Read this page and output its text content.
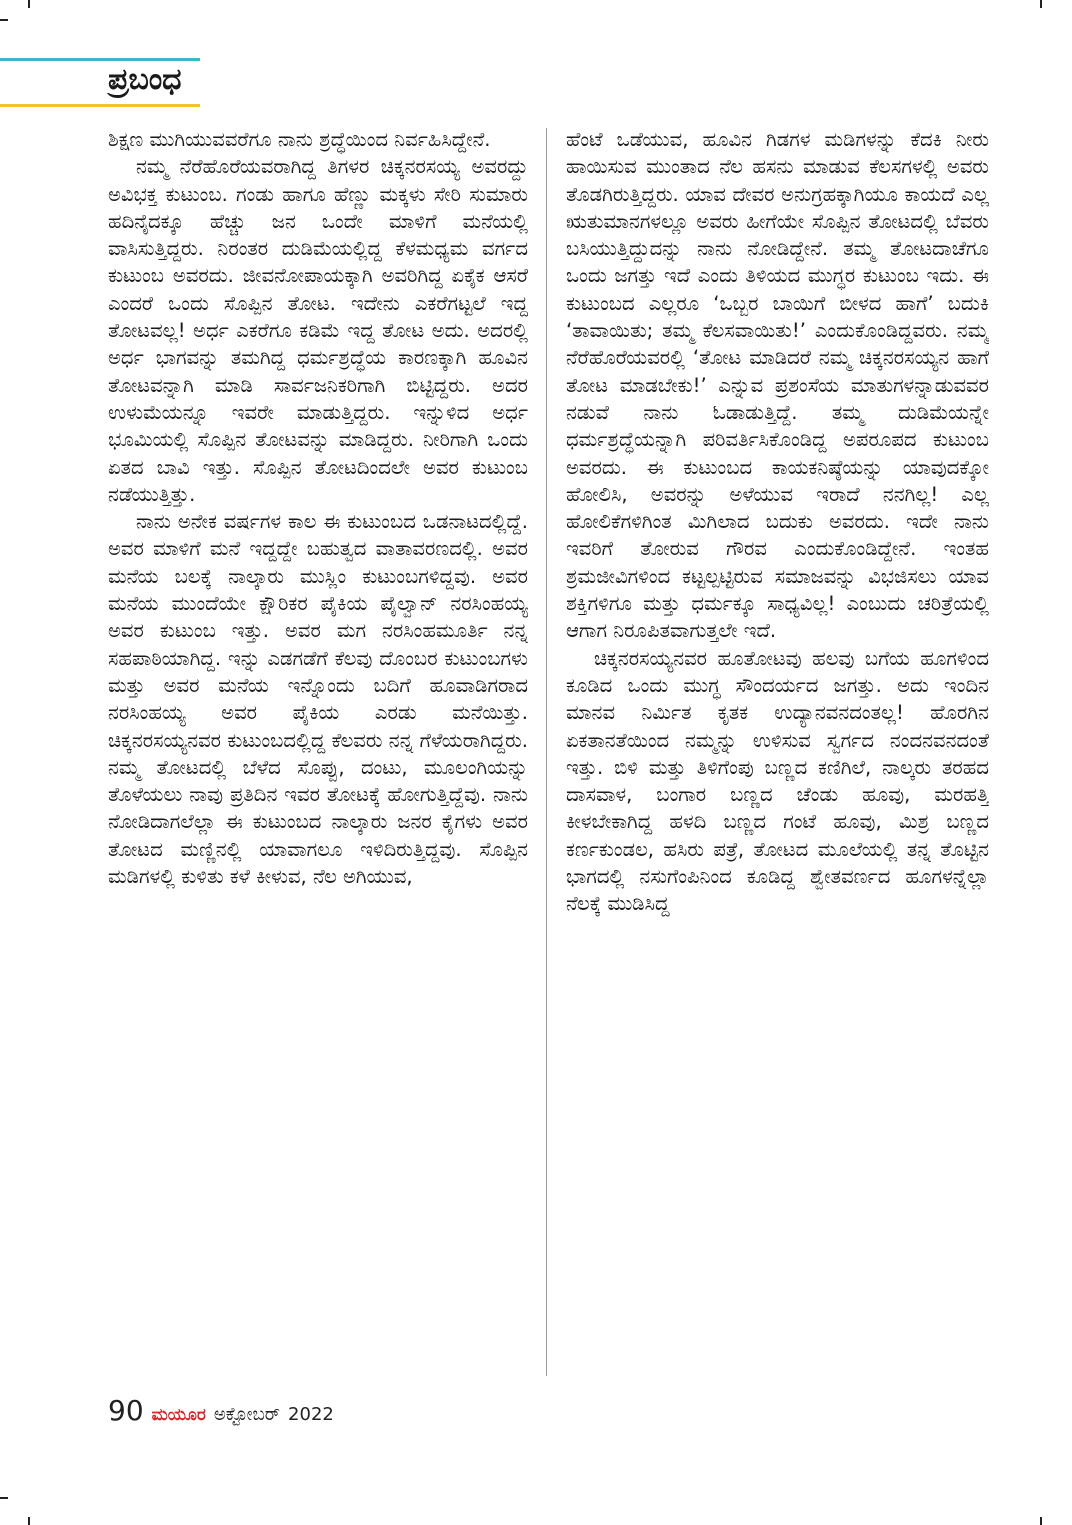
ಪ್ರಬಂಧ

ಶಿಕ್ಷಣ ಮುಗಿಯುವವರೆಗೂ ನಾನು ಶ್ರದ್ಧೆಯಿಂದ ನಿರ್ವಹಿಸಿದ್ದೇನೆ.

ನಮ್ಮ ನೆರೆಹೊರೆಯವರಾಗಿದ್ದ ತಿಗಳರ ಚಿಕ್ಕನರಸಯ್ಯ ಅವರದ್ದು ಅವಿಭಕ್ತ ಕುಟುಂಬ. ಗಂಡು ಹಾಗೂ ಹೆಣ್ಣು ಮಕ್ಕಳು ಸೇರಿ ಸುಮಾರು ಹದಿನೈದಕ್ಕೂ ಹೆಚ್ಚು ಜನ ಒಂದೇ ಮಾಳಿಗೆ ಮನೆಯಲ್ಲಿ ವಾಸಿಸುತ್ತಿದ್ದರು. ನಿರಂತರ ದುಡಿಮೆಯಲ್ಲಿದ್ದ ಕೆಳಮಧ್ಯಮ ವರ್ಗದ ಕುಟುಂಬ ಅವರದು. ಜೀವನೋಪಾಯಕ್ಕಾಗಿ ಅವರಿಗಿದ್ದ ಏಕೈಕ ಆಸರೆ ಎಂದರೆ ಒಂದು ಸೊಪ್ಪಿನ ತೋಟ. ಇದೇನು ಎಕರೆಗಟ್ಟಲೆ ಇದ್ದ ತೋಟವಲ್ಲ! ಅರ್ಧ ಎಕರೆಗೂ ಕಡಿಮೆ ಇದ್ದ ತೋಟ ಅದು. ಅದರಲ್ಲಿ ಅರ್ಧ ಭಾಗವನ್ನು ತಮಗಿದ್ದ ಧರ್ಮಶ್ರದ್ಧೆಯ ಕಾರಣಕ್ಕಾಗಿ ಹೂವಿನ ತೋಟವನ್ನಾಗಿ ಮಾಡಿ ಸಾರ್ವಜನಿಕರಿಗಾಗಿ ಬಿಟ್ಟಿದ್ದರು. ಅದರ ಉಳುಮೆಯನ್ನೂ ಇವರೇ ಮಾಡುತ್ತಿದ್ದರು. ಇನ್ನುಳಿದ ಅರ್ಧ ಭೂಮಿಯಲ್ಲಿ ಸೊಪ್ಪಿನ ತೋಟವನ್ನು ಮಾಡಿದ್ದರು. ನೀರಿಗಾಗಿ ಒಂದು ಏತದ ಬಾವಿ ಇತ್ತು. ಸೊಪ್ಪಿನ ತೋಟದಿಂದಲೇ ಅವರ ಕುಟುಂಬ ನಡೆಯುತ್ತಿತ್ತು.

ನಾನು ಅನೇಕ ವರ್ಷಗಳ ಕಾಲ ಈ ಕುಟುಂಬದ ಒಡನಾಟದಲ್ಲಿದ್ದೆ. ಅವರ ಮಾಳಿಗೆ ಮನೆ ಇದ್ದದ್ದೇ ಬಹುತ್ವದ ವಾತಾವರಣದಲ್ಲಿ. ಅವರ ಮನೆಯ ಬಲಕ್ಕೆ ನಾಲ್ಕಾರು ಮುಸ್ಲಿಂ ಕುಟುಂಬಗಳಿದ್ದವು. ಅವರ ಮನೆಯ ಮುಂದೆಯೇ ಕ್ಷೌರಿಕರ ಪೈಕಿಯ ಪೈಲ್ವಾನ್ ನರಸಿಂಹಯ್ಯ ಅವರ ಕುಟುಂಬ ಇತ್ತು. ಅವರ ಮಗ ನರಸಿಂಹಮೂರ್ತಿ ನನ್ನ ಸಹಪಾಠಿಯಾಗಿದ್ದ. ಇನ್ನು ಎಡಗಡೆಗೆ ಕೆಲವು ದೊಂಬರ ಕುಟುಂಬಗಳು ಮತ್ತು ಅವರ ಮನೆಯ ಇನ್ನೊಂದು ಬದಿಗೆ ಹೂವಾಡಿಗರಾದ ನರಸಿಂಹಯ್ಯ ಅವರ ಪೈಕಿಯ ಎರಡು ಮನೆಯಿತ್ತು. ಚಿಕ್ಕನರಸಯ್ಯನವರ ಕುಟುಂಬದಲ್ಲಿದ್ದ ಕೆಲವರು ನನ್ನ ಗೆಳೆಯರಾಗಿದ್ದರು. ನಮ್ಮ ತೋಟದಲ್ಲಿ ಬೆಳೆದ ಸೊಪ್ಪು, ದಂಟು, ಮೂಲಂಗಿಯನ್ನು ತೊಳೆಯಲು ನಾವು ಪ್ರತಿದಿನ ಇವರ ತೋಟಕ್ಕೆ ಹೋಗುತ್ತಿದ್ದೆವು. ನಾನು ನೋಡಿದಾಗಲೆಲ್ಲಾ ಈ ಕುಟುಂಬದ ನಾಲ್ಕಾರು ಜನರ ಕೈಗಳು ಅವರ ತೋಟದ ಮಣ್ಣಿನಲ್ಲಿ ಯಾವಾಗಲೂ ಇಳಿದಿರುತ್ತಿದ್ದವು. ಸೊಪ್ಪಿನ ಮಡಿಗಳಲ್ಲಿ ಕುಳಿತು ಕಳೆ ಕೀಳುವ, ನೆಲ ಅಗಿಯುವ,

ಹೆಂಟೆ ಒಡೆಯುವ, ಹೂವಿನ ಗಿಡಗಳ ಮಡಿಗಳನ್ನು ಕೆದಕಿ ನೀರು ಹಾಯಿಸುವ ಮುಂತಾದ ನೆಲ ಹಸನು ಮಾಡುವ ಕೆಲಸಗಳಲ್ಲಿ ಅವರು ತೊಡಗಿರುತ್ತಿದ್ದರು. ಯಾವ ದೇವರ ಅನುಗ್ರಹಕ್ಕಾಗಿಯೂ ಕಾಯದೆ ಎಲ್ಲ ಋತುಮಾನಗಳಲ್ಲೂ ಅವರು ಹೀಗೆಯೇ ಸೊಪ್ಪಿನ ತೋಟದಲ್ಲಿ ಬೆವರು ಬಸಿಯುತ್ತಿದ್ದುದನ್ನು ನಾನು ನೋಡಿದ್ದೇನೆ. ತಮ್ಮ ತೋಟದಾಚೆಗೂ ಒಂದು ಜಗತ್ತು ಇದೆ ಎಂದು ತಿಳಿಯದ ಮುಗ್ಧರ ಕುಟುಂಬ ಇದು. ಈ ಕುಟುಂಬದ ಎಲ್ಲರೂ ‘ಒಬ್ಬರ ಬಾಯಿಗೆ ಬೀಳದ ಹಾಗೆ’ ಬದುಕಿ ‘ತಾವಾಯಿತು; ತಮ್ಮ ಕೆಲಸವಾಯಿತು!’ ಎಂದುಕೊಂಡಿದ್ದವರು. ನಮ್ಮ ನೆರೆಹೊರೆಯವರಲ್ಲಿ ‘ತೋಟ ಮಾಡಿದರೆ ನಮ್ಮ ಚಿಕ್ಕನರಸಯ್ಯನ ಹಾಗೆ ತೋಟ ಮಾಡಬೇಕು!’ ಎನ್ನುವ ಪ್ರಶಂಸೆಯ ಮಾತುಗಳನ್ನಾಡುವವರ ನಡುವೆ ನಾನು ಓಡಾಡುತ್ತಿದ್ದೆ. ತಮ್ಮ ದುಡಿಮೆಯನ್ನೇ ಧರ್ಮಶ್ರದ್ಧೆಯನ್ನಾಗಿ ಪರಿವರ್ತಿಸಿಕೊಂಡಿದ್ದ ಅಪರೂಪದ ಕುಟುಂಬ ಅವರದು. ಈ ಕುಟುಂಬದ ಕಾಯಕನಿಷ್ಠೆಯನ್ನು ಯಾವುದಕ್ಕೋ ಹೋಲಿಸಿ, ಅವರನ್ನು ಅಳೆಯುವ ಇರಾದೆ ನನಗಿಲ್ಲ! ಎಲ್ಲ ಹೋಲಿಕೆಗಳಿಗಿಂತ ಮಿಗಿಲಾದ ಬದುಕು ಅವರದು. ಇದೇ ನಾನು ಇವರಿಗೆ ತೋರುವ ಗೌರವ ಎಂದುಕೊಂಡಿದ್ದೇನೆ. ಇಂತಹ ಶ್ರಮಜೀವಿಗಳಿಂದ ಕಟ್ಟಲ್ಪಟ್ಟಿರುವ ಸಮಾಜವನ್ನು ವಿಭಜಿಸಲು ಯಾವ ಶಕ್ತಿಗಳಿಗೂ ಮತ್ತು ಧರ್ಮಕ್ಕೂ ಸಾಧ್ಯವಿಲ್ಲ! ಎಂಬುದು ಚರಿತ್ರೆಯಲ್ಲಿ ಆಗಾಗ ನಿರೂಪಿತವಾಗುತ್ತಲೇ ಇದೆ.

ಚಿಕ್ಕನರಸಯ್ಯನವರ ಹೂತೋಟವು ಹಲವು ಬಗೆಯ ಹೂಗಳಿಂದ ಕೂಡಿದ ಒಂದು ಮುಗ್ಧ ಸೌಂದರ್ಯದ ಜಗತ್ತು. ಅದು ಇಂದಿನ ಮಾನವ ನಿರ್ಮಿತ ಕೃತಕ ಉದ್ಯಾನವನದಂತಲ್ಲ! ಹೊರಗಿನ ಏಕತಾನತೆಯಿಂದ ನಮ್ಮನ್ನು ಉಳಿಸುವ ಸ್ವರ್ಗದ ನಂದನವನದಂತೆ ಇತ್ತು. ಬಿಳಿ ಮತ್ತು ತಿಳಿಗೆಂಪು ಬಣ್ಣದ ಕಣಿಗಿಲೆ, ನಾಲ್ಕರು ತರಹದ ದಾಸವಾಳ, ಬಂಗಾರ ಬಣ್ಣದ ಚೆಂಡು ಹೂವು, ಮರಹತ್ತಿ ಕೀಳಬೇಕಾಗಿದ್ದ ಹಳದಿ ಬಣ್ಣದ ಗಂಟೆ ಹೂವು, ಮಿಶ್ರ ಬಣ್ಣದ ಕರ್ಣಕುಂಡಲ, ಹಸಿರು ಪತ್ರೆ, ತೋಟದ ಮೂಲೆಯಲ್ಲಿ ತನ್ನ ತೊಟ್ಟಿನ ಭಾಗದಲ್ಲಿ ನಸುಗೆಂಪಿನಿಂದ ಕೂಡಿದ್ದ ಶ್ವೇತವರ್ಣದ ಹೂಗಳನ್ನೆಲ್ಲಾ ನೆಲಕ್ಕೆ ಮುಡಿಸಿದ್ದ

90 ಮಯೂರ ಅಕ್ಟೋಬರ್ 2022
